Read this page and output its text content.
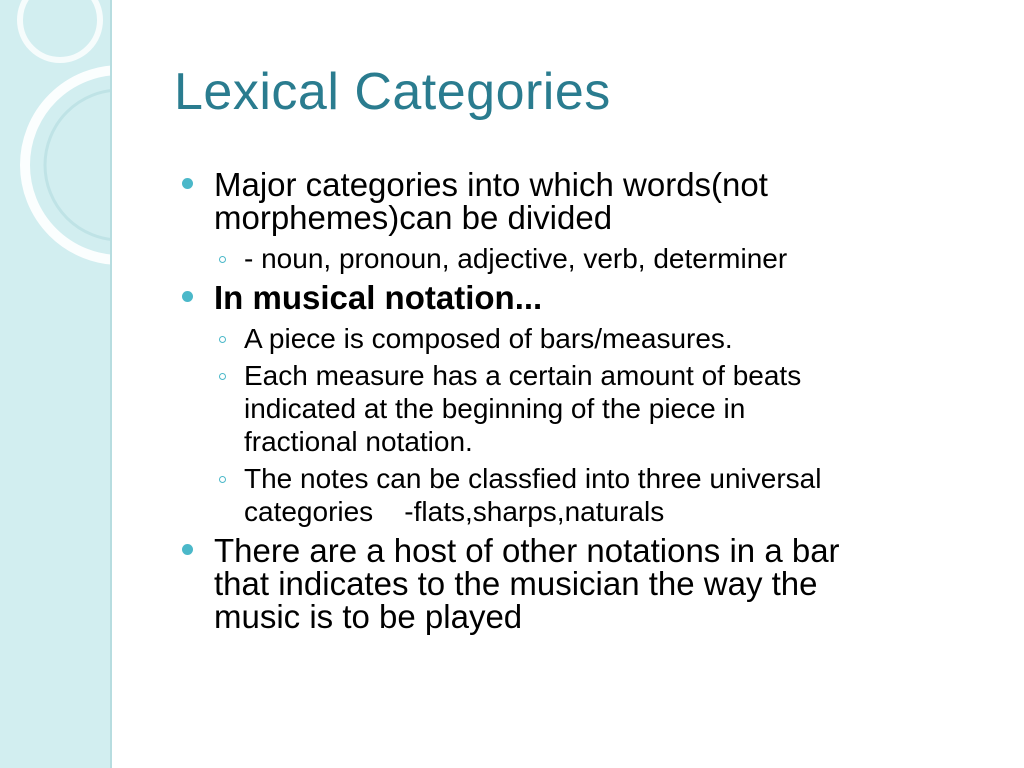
Lexical Categories
Major categories into which words(not
morphemes)can be divided
- noun, pronoun, adjective, verb, determiner
In musical notation...
A piece is composed of bars/measures.
Each measure has a certain amount of beats
indicated at the beginning of the piece in
fractional notation.
The notes can be classfied into three universal
categories    -flats,sharps,naturals
There are a host of other notations in a bar
that indicates to the musician the way the
music is to be played
